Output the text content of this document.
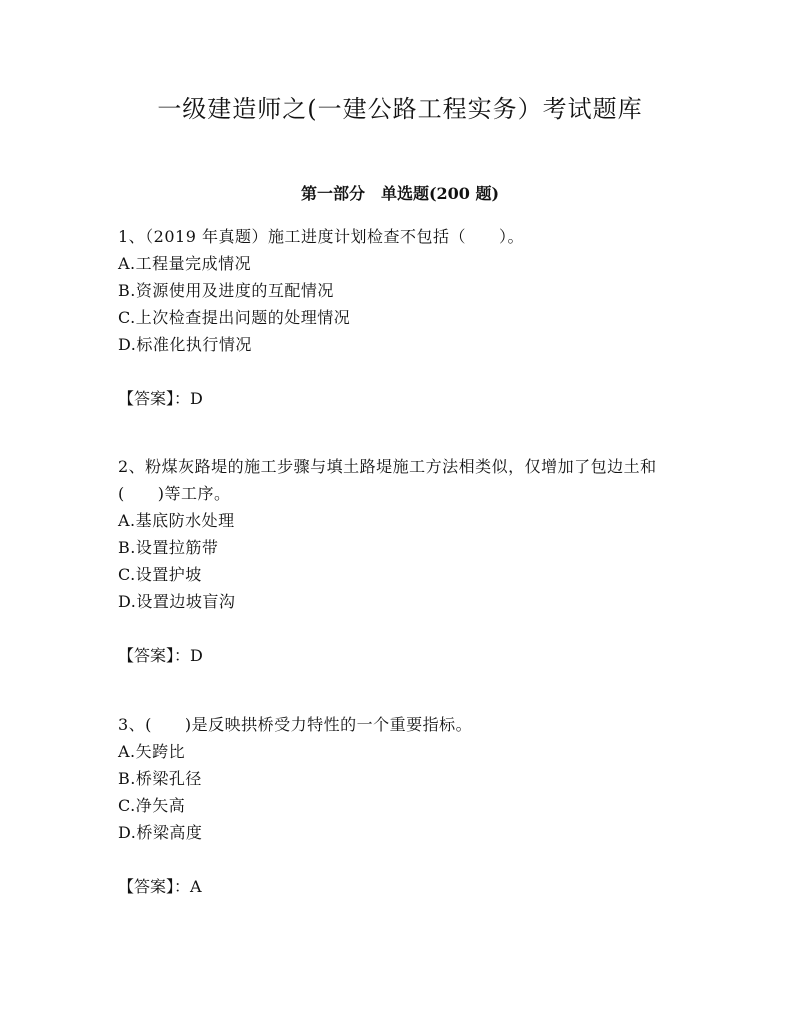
一级建造师之(一建公路工程实务）考试题库
第一部分　单选题(200 题)
1、（2019 年真题）施工进度计划检查不包括（　　）。
A.工程量完成情况
B.资源使用及进度的互配情况
C.上次检查提出问题的处理情况
D.标准化执行情况
【答案】：D
2、粉煤灰路堤的施工步骤与填土路堤施工方法相类似，仅增加了包边土和(　　)等工序。
A.基底防水处理
B.设置拉筋带
C.设置护坡
D.设置边坡盲沟
【答案】：D
3、(　　)是反映拱桥受力特性的一个重要指标。
A.矢跨比
B.桥梁孔径
C.净矢高
D.桥梁高度
【答案】：A
